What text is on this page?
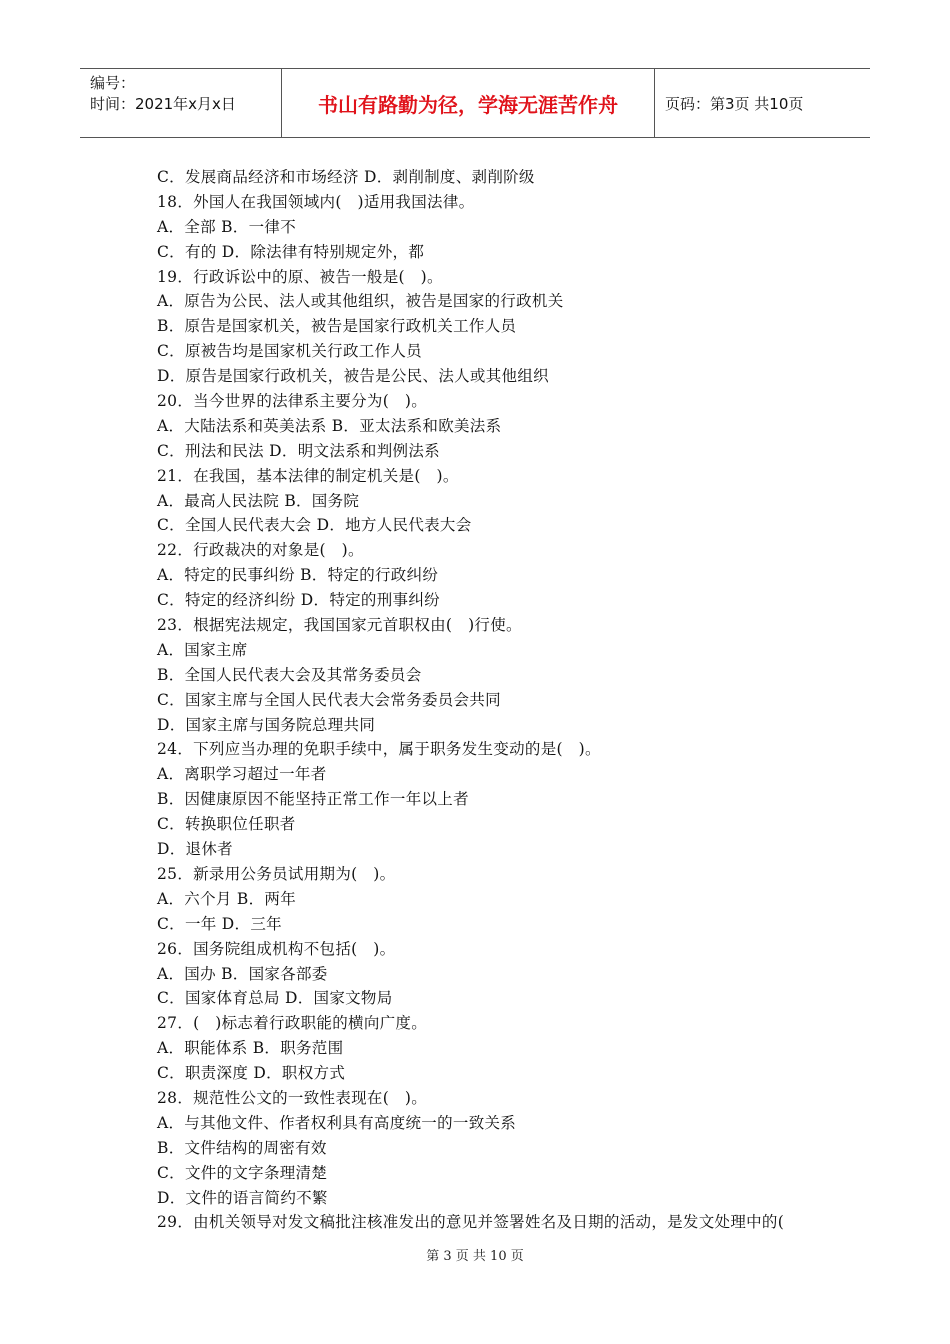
编号：
时间：2021年x月x日	书山有路勤为径，学海无涯苦作舟	页码：第3页 共10页
C．发展商品经济和市场经济 D．剥削制度、剥削阶级
18．外国人在我国领域内(　)适用我国法律。
A．全部 B．一律不
C．有的 D．除法律有特别规定外，都
19．行政诉讼中的原、被告一般是(　)。
A．原告为公民、法人或其他组织，被告是国家的行政机关
B．原告是国家机关，被告是国家行政机关工作人员
C．原被告均是国家机关行政工作人员
D．原告是国家行政机关，被告是公民、法人或其他组织
20．当今世界的法律系主要分为(　)。
A．大陆法系和英美法系 B．亚太法系和欧美法系
C．刑法和民法 D．明文法系和判例法系
21．在我国，基本法律的制定机关是(　)。
A．最高人民法院 B．国务院
C．全国人民代表大会 D．地方人民代表大会
22．行政裁决的对象是(　)。
A．特定的民事纠纷 B．特定的行政纠纷
C．特定的经济纠纷 D．特定的刑事纠纷
23．根据宪法规定，我国国家元首职权由(　)行使。
A．国家主席
B．全国人民代表大会及其常务委员会
C．国家主席与全国人民代表大会常务委员会共同
D．国家主席与国务院总理共同
24．下列应当办理的免职手续中，属于职务发生变动的是(　)。
A．离职学习超过一年者
B．因健康原因不能坚持正常工作一年以上者
C．转换职位任职者
D．退休者
25．新录用公务员试用期为(　)。
A．六个月 B．两年
C．一年 D．三年
26．国务院组成机构不包括(　)。
A．国办 B．国家各部委
C．国家体育总局 D．国家文物局
27．(　)标志着行政职能的横向广度。
A．职能体系 B．职务范围
C．职责深度 D．职权方式
28．规范性公文的一致性表现在(　)。
A．与其他文件、作者权利具有高度统一的一致关系
B．文件结构的周密有效
C．文件的文字条理清楚
D．文件的语言简约不繁
29．由机关领导对发文稿批注核准发出的意见并签署姓名及日期的活动，是发文处理中的(
第 3 页 共 10 页
